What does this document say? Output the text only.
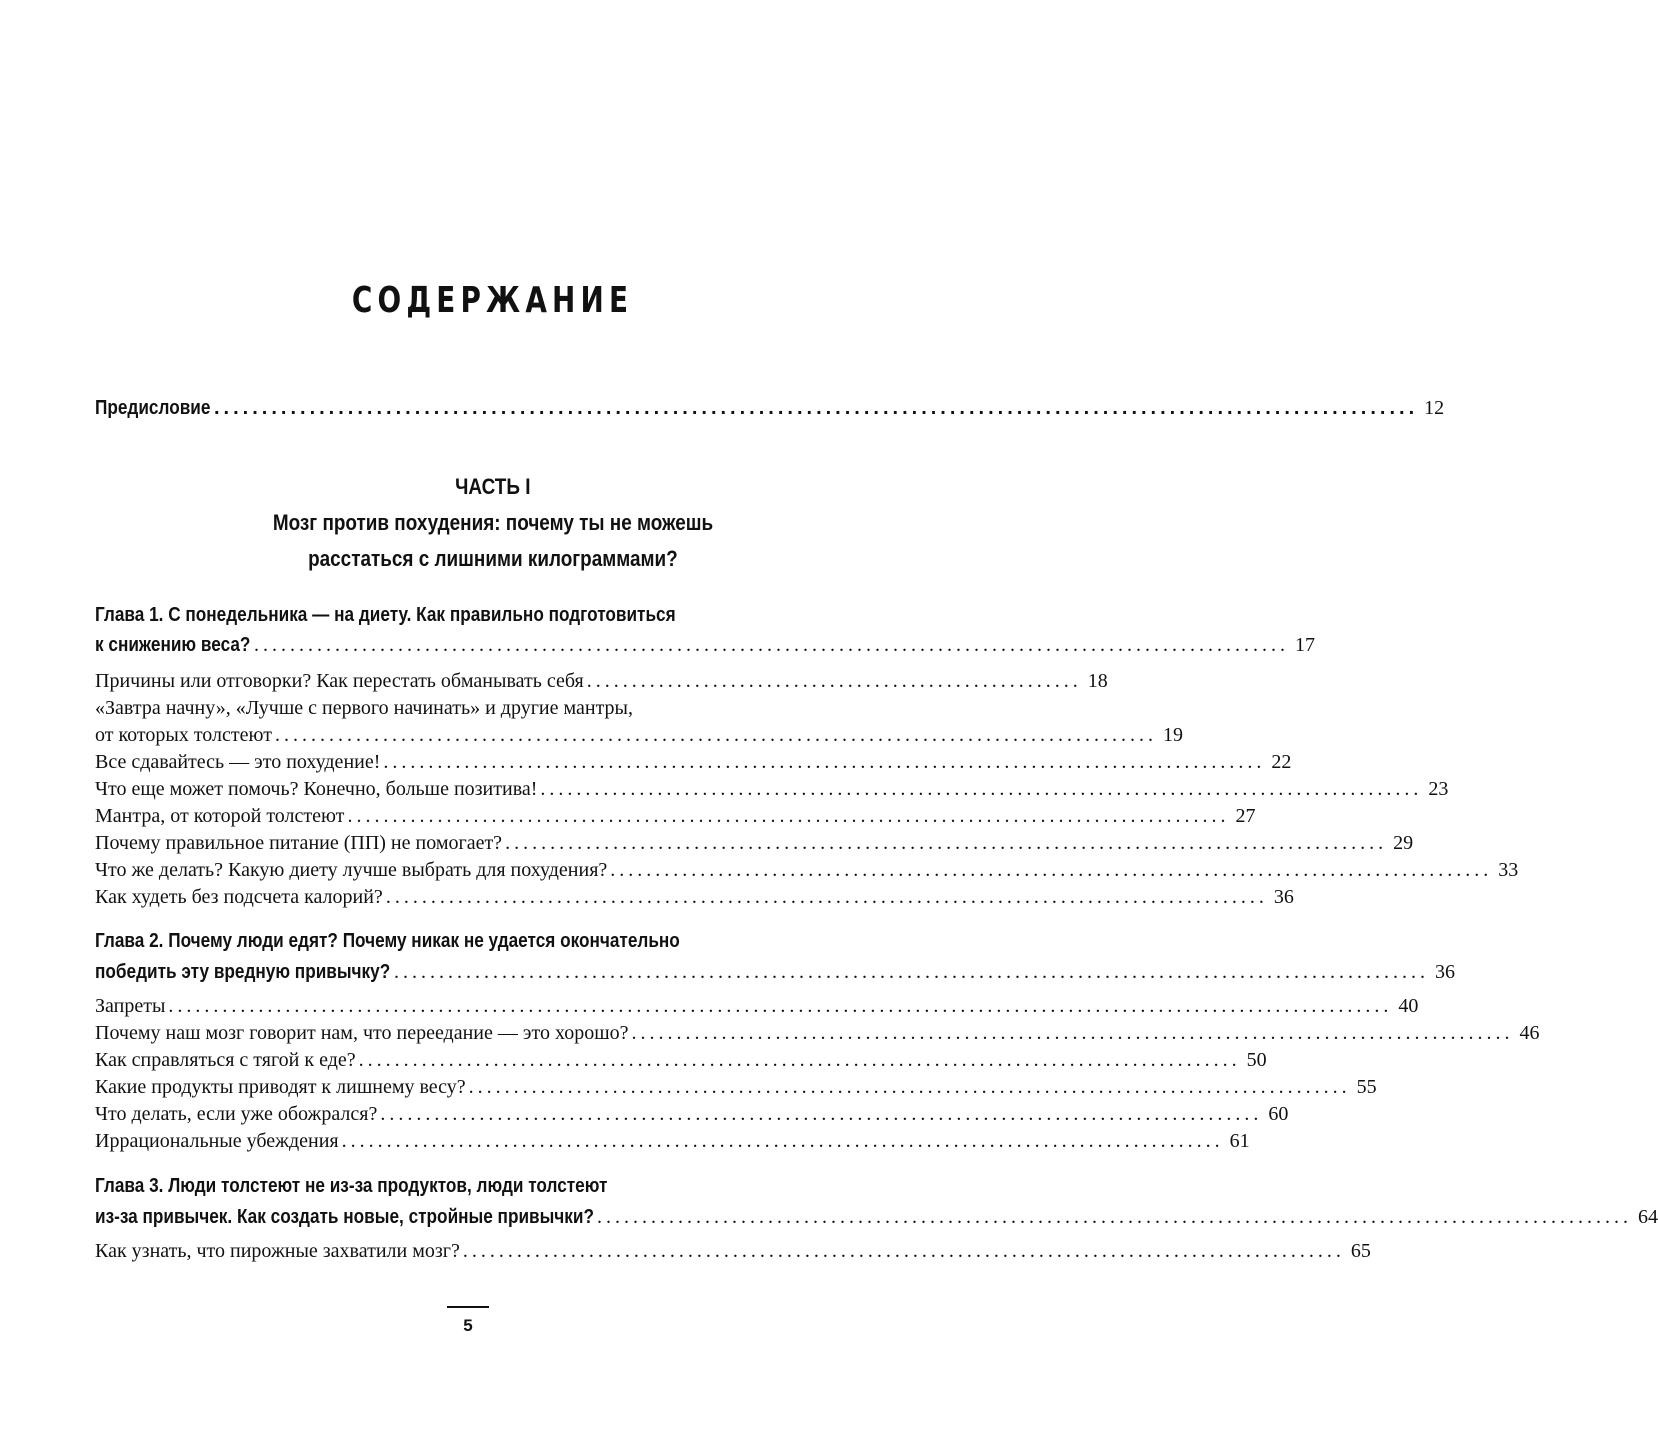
СОДЕРЖАНИЕ
Предисловие .............................................................................................................................. 12
ЧАСТЬ I
Мозг против похудения: почему ты не можешь
расстаться с лишними килограммами?
Глава 1. С понедельника — на диету. Как правильно подготовиться
к снижению веса? ................................................................................................................... 17
Причины или отговорки? Как перестать обманывать себя ....................................................... 18
«Завтра начну», «Лучше с первого начинать» и другие мантры,
от которых толстеют .................................................................................................. 19
Все сдавайтесь — это похудение! .................................................................................................. 22
Что еще может помочь? Конечно, больше позитива! .................................................................................................. 23
Мантра, от которой толстеют .................................................................................................. 27
Почему правильное питание (ПП) не помогает? .................................................................................................. 29
Что же делать? Какую диету лучше выбрать для похудения? .................................................................................................. 33
Как худеть без подсчета калорий? .................................................................................................. 36
Глава 2. Почему люди едят? Почему никак не удается окончательно
победить эту вредную привычку? ................................................................................................................... 36
Запреты ........................................................................................................................................ 40
Почему наш мозг говорит нам, что переедание — это хорошо? .................................................................................................. 46
Как справляться с тягой к еде? .................................................................................................. 50
Какие продукты приводят к лишнему весу? .................................................................................................. 55
Что делать, если уже обожрался? .................................................................................................. 60
Иррациональные убеждения .................................................................................................. 61
Глава 3. Люди толстеют не из-за продуктов, люди толстеют
из-за привычек. Как создать новые, стройные привычки? ................................................................................................................... 64
Как узнать, что пирожные захватили мозг? .................................................................................................. 65
5
